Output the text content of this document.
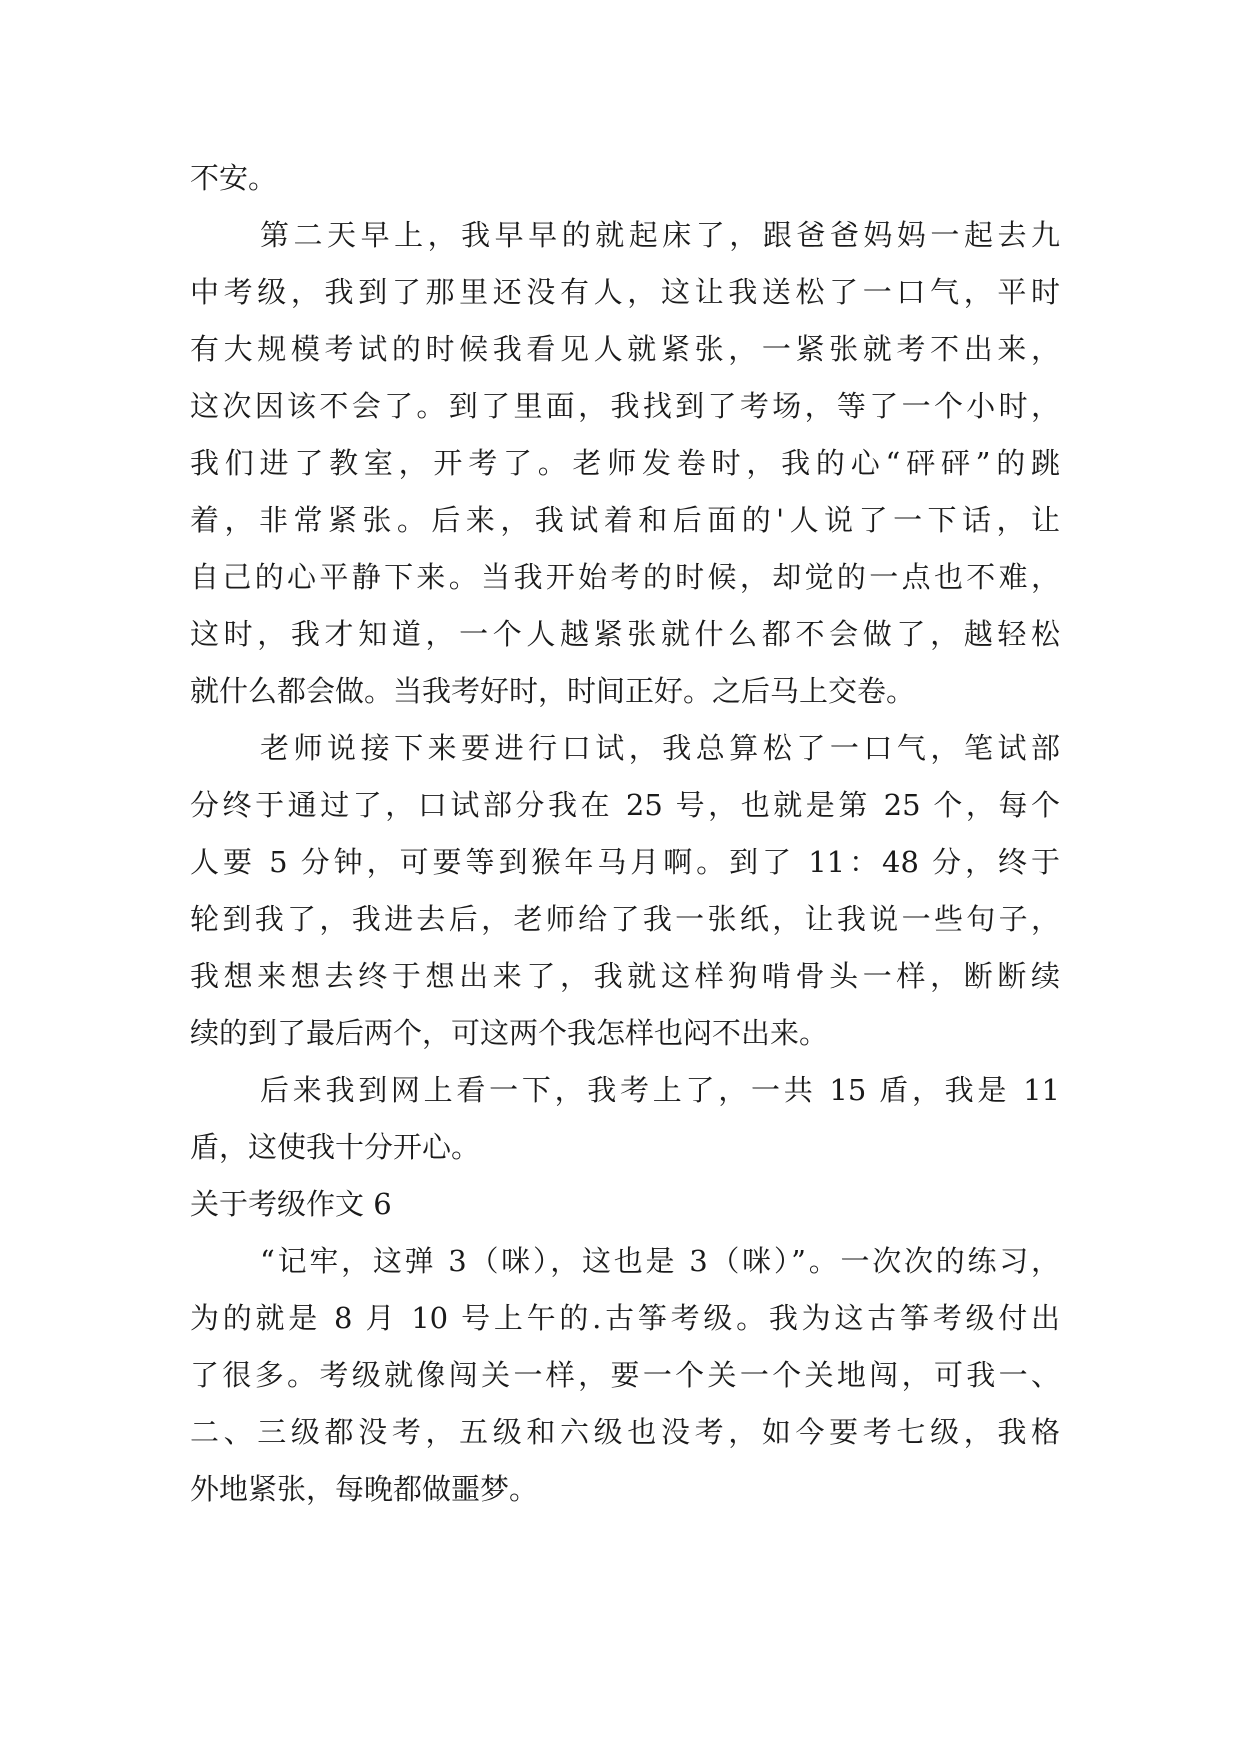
不安。
第二天早上，我早早的就起床了，跟爸爸妈妈一起去九
中考级，我到了那里还没有人，这让我送松了一口气，平时
有大规模考试的时候我看见人就紧张，一紧张就考不出来，
这次因该不会了。到了里面，我找到了考场，等了一个小时，
我们进了教室，开考了。老师发卷时，我的心“砰砰”的跳
着，非常紧张。后来，我试着和后面的'人说了一下话，让
自己的心平静下来。当我开始考的时候，却觉的一点也不难，
这时，我才知道，一个人越紧张就什么都不会做了，越轻松
就什么都会做。当我考好时，时间正好。之后马上交卷。
老师说接下来要进行口试，我总算松了一口气，笔试部
分终于通过了，口试部分我在 25 号，也就是第 25 个，每个
人要 5 分钟，可要等到猴年马月啊。到了 11：48 分，终于
轮到我了，我进去后，老师给了我一张纸，让我说一些句子，
我想来想去终于想出来了，我就这样狗啃骨头一样，断断续
续的到了最后两个，可这两个我怎样也闷不出来。
后来我到网上看一下，我考上了，一共 15 盾，我是 11
盾，这使我十分开心。
关于考级作文 6
“记牢，这弹 3（咪），这也是 3（咪）”。一次次的练习，
为的就是 8 月 10 号上午的.古筝考级。我为这古筝考级付出
了很多。考级就像闯关一样，要一个关一个关地闯，可我一、
二、三级都没考，五级和六级也没考，如今要考七级，我格
外地紧张，每晚都做噩梦。
